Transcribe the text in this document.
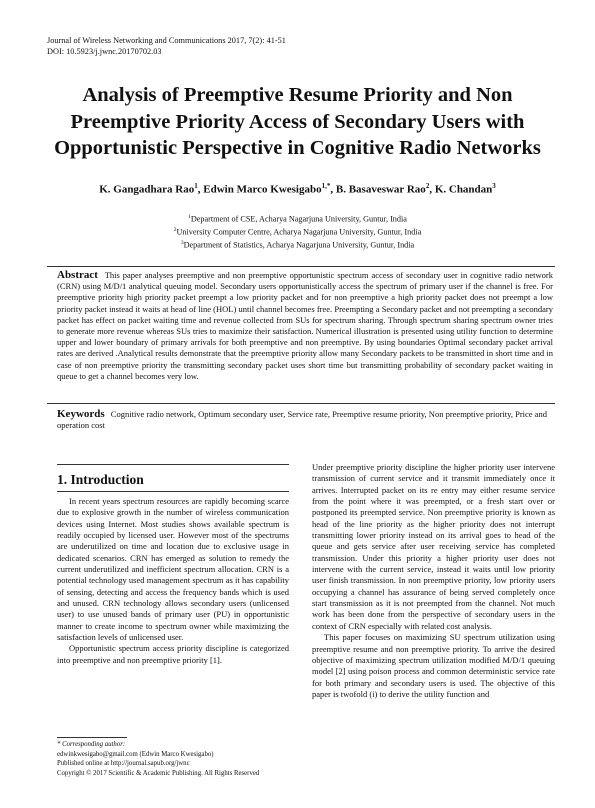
Journal of Wireless Networking and Communications 2017, 7(2): 41-51
DOI: 10.5923/j.jwnc.20170702.03
Analysis of Preemptive Resume Priority and Non
Preemptive Priority Access of Secondary Users with
Opportunistic Perspective in Cognitive Radio Networks
K. Gangadhara Rao$^1$, Edwin Marco Kwesigabo$^{1,*}$, B. Basaveswar Rao$^2$, K. Chandan$^3$
$^1$Department of CSE, Acharya Nagarjuna University, Guntur, India
$^2$University Computer Centre, Acharya Nagarjuna University, Guntur, India
$^3$Department of Statistics, Acharya Nagarjuna University, Guntur, India
Abstract This paper analyses preemptive and non preemptive opportunistic spectrum access of secondary user in cognitive radio network (CRN) using M/D/1 analytical queuing model. Secondary users opportunistically access the spectrum of primary user if the channel is free. For preemptive priority high priority packet preempt a low priority packet and for non preemptive a high priority packet does not preempt a low priority packet instead it waits at head of line (HOL) until channel becomes free. Preempting a Secondary packet and not preempting a secondary packet has effect on packet waiting time and revenue collected from SUs for spectrum sharing. Through spectrum sharing spectrum owner tries to generate more revenue whereas SUs tries to maximize their satisfaction. Numerical illustration is presented using utility function to determine upper and lower boundary of primary arrivals for both preemptive and non preemptive. By using boundaries Optimal secondary packet arrival rates are derived .Analytical results demonstrate that the preemptive priority allow many Secondary packets to be transmitted in short time and in case of non preemptive priority the transmitting secondary packet uses short time but transmitting probability of secondary packet waiting in queue to get a channel becomes very low.
Keywords Cognitive radio network, Optimum secondary user, Service rate, Preemptive resume priority, Non preemptive priority, Price and operation cost
1. Introduction

In recent years spectrum resources are rapidly becoming scarce due to explosive growth in the number of wireless communication devices using Internet. Most studies shows available spectrum is readily occupied by licensed user. However most of the spectrums are underutilized on time and location due to exclusive usage in dedicated scenarios. CRN has emerged as solution to remedy the current underutilized and inefficient spectrum allocation. CRN is a potential technology used management spectrum as it has capability of sensing, detecting and access the frequency bands which is used and unused. CRN technology allows secondary users (unlicensed user) to use unused bands of primary user (PU) in opportunistic manner to create income to spectrum owner while maximizing the satisfaction levels of unlicensed user.

Opportunistic spectrum access priority discipline is categorized into preemptive and non preemptive priority [1].

Under preemptive priority discipline the higher priority user intervene transmission of current service and it transmit immediately once it arrives. Interrupted packet on its re entry may either resume service from the point where it was preempted, or a fresh start over or postponed its preempted service. Non preemptive priority is known as head of the line priority as the higher priority does not interrupt transmitting lower priority instead on its arrival goes to head of the queue and gets service after user receiving service has completed transmission. Under this priority a higher priority user does not intervene with the current service, instead it waits until low priority user finish transmission. In non preemptive priority, low priority users occupying a channel has assurance of being served completely once start transmission as it is not preempted from the channel. Not much work has been done from the perspective of secondary users in the context of CRN especially with related cost analysis.

This paper focuses on maximizing SU spectrum utilization using preemptive resume and non preemptive priority. To arrive the desired objective of maximizing spectrum utilization modified M/D/1 queuing model [2] using poison process and common deterministic service rate for both primary and secondary users is used. The objective of this paper is twofold (i) to derive the utility function and

* Corresponding author:
edwinkwesigabo@gmail.com (Edwin Marco Kwesigabo)
Published online at http://journal.sapub.org/jwnc
Copyright © 2017 Scientific & Academic Publishing. All Rights Reserved
